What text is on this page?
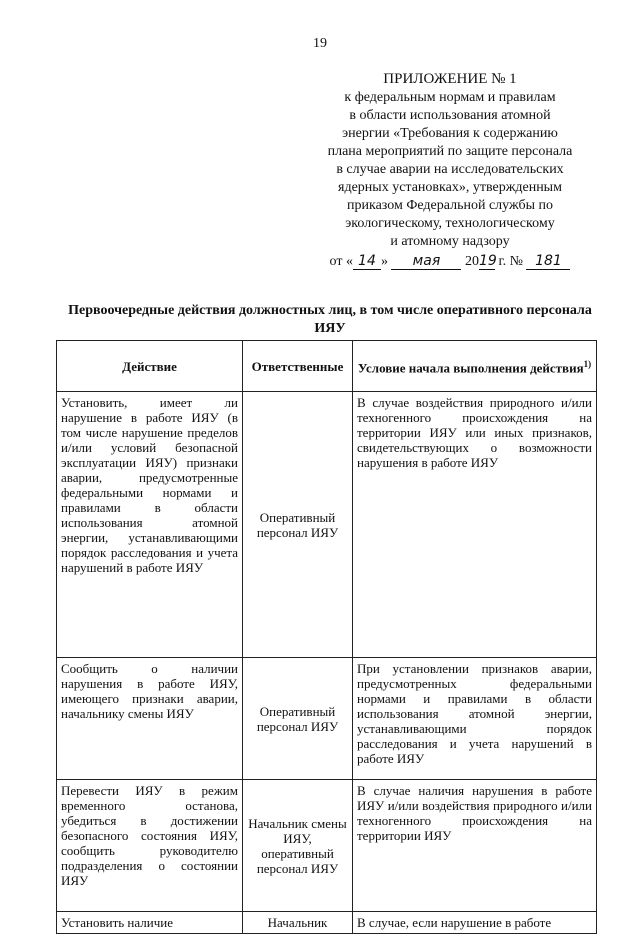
19
ПРИЛОЖЕНИЕ № 1
к федеральным нормам и правилам
в области использования атомной
энергии «Требования к содержанию
плана мероприятий по защите персонала
в случае аварии на исследовательских
ядерных установках», утвержденным
приказом Федеральной службы по
экологическому, технологическому
и атомному надзору
от « 14 » мая 2019 г. № 181
Первоочередные действия должностных лиц, в том числе оперативного персонала ИЯУ
Действие	Ответственные	Условие начала выполнения действия$^{1)}$
Установить, имеет ли нарушение в работе ИЯУ (в том числе нарушение пределов и/или условий безопасной эксплуатации ИЯУ) признаки аварии, предусмотренные федеральными нормами и правилами в области использования атомной энергии, устанавливающими порядок расследования и учета нарушений в работе ИЯУ	Оперативный персонал ИЯУ	В случае воздействия природного и/или техногенного происхождения на территории ИЯУ или иных признаков, свидетельствующих о возможности нарушения в работе ИЯУ
Сообщить о наличии нарушения в работе ИЯУ, имеющего признаки аварии, начальнику смены ИЯУ	Оперативный персонал ИЯУ	При установлении признаков аварии, предусмотренных федеральными нормами и правилами в области использования атомной энергии, устанавливающими порядок расследования и учета нарушений в работе ИЯУ
Перевести ИЯУ в режим временного останова, убедиться в достижении безопасного состояния ИЯУ, сообщить руководителю подразделения о состоянии ИЯУ	Начальник смены ИЯУ, оперативный персонал ИЯУ	В случае наличия нарушения в работе ИЯУ и/или воздействия природного и/или техногенного происхождения на территории ИЯУ
Установить наличие	Начальник	В случае, если нарушение в работе
